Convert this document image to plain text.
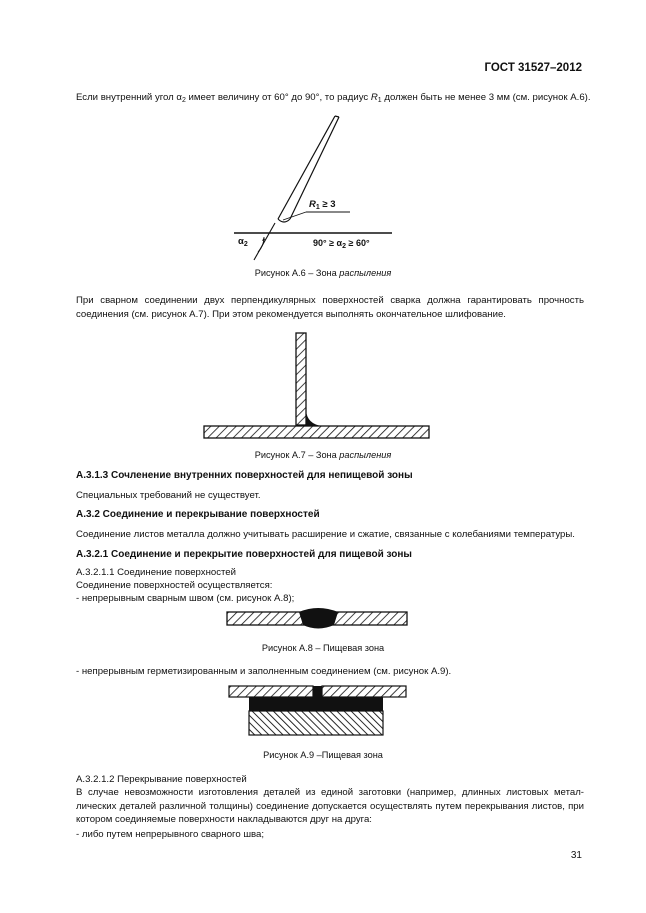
ГОСТ 31527–2012
Если внутренний угол $\alpha_2$ имеет величину от 60° до 90°, то радиус $R_1$ должен быть не менее 3 мм (см. рисунок А.6).
$R_1 \ge 3$
$\alpha_2$	$90^\circ \ge \alpha_2 \ge 60^\circ$
Рисунок А.6 – Зона распыления
При сварном соединении двух перпендикулярных поверхностей сварка должна гарантировать прочность соединения (см. рисунок А.7). При этом рекомендуется выполнять окончательное шлифование.
Рисунок А.7 – Зона распыления
А.3.1.3 Сочленение внутренних поверхностей для непищевой зоны
Специальных требований не существует.
А.3.2 Соединение и перекрывание поверхностей
Соединение листов металла должно учитывать расширение и сжатие, связанные с колебаниями температуры.
А.3.2.1 Соединение и перекрытие поверхностей для пищевой зоны
А.3.2.1.1 Соединение поверхностей
Соединение поверхностей осуществляется:
- непрерывным сварным швом (см. рисунок А.8);
Рисунок А.8 – Пищевая зона
- непрерывным герметизированным и заполненным соединением (см. рисунок А.9).
Рисунок А.9 –Пищевая зона
А.3.2.1.2 Перекрывание поверхностей
В случае невозможности изготовления деталей из единой заготовки (например, длинных листовых метал-лических деталей различной толщины) соединение допускается осуществлять путем перекрывания листов, при котором соединяемые поверхности накладываются друг на друга:
- либо путем непрерывного сварного шва;
31
